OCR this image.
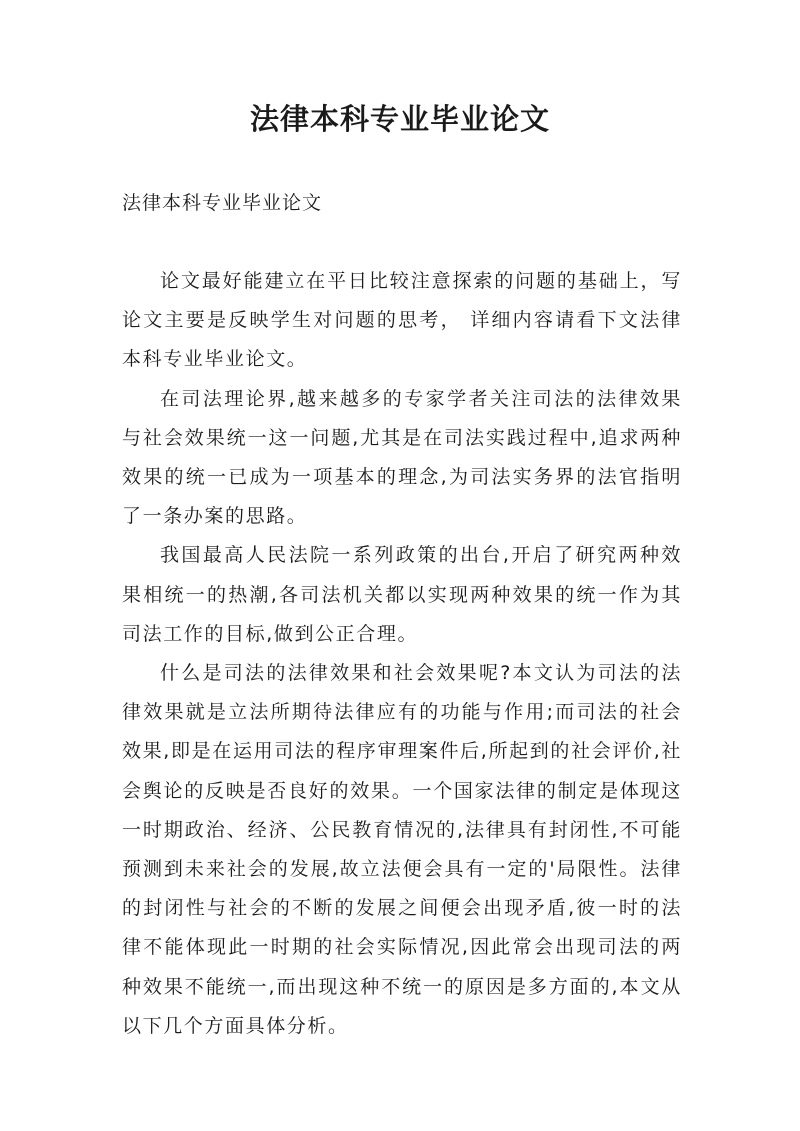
法律本科专业毕业论文

法律本科专业毕业论文

论文最好能建立在平日比较注意探索的问题的基础上，写论文主要是反映学生对问题的思考， 详细内容请看下文法律本科专业毕业论文。

在司法理论界,越来越多的专家学者关注司法的法律效果与社会效果统一这一问题,尤其是在司法实践过程中,追求两种效果的统一已成为一项基本的理念,为司法实务界的法官指明了一条办案的思路。

我国最高人民法院一系列政策的出台,开启了研究两种效果相统一的热潮,各司法机关都以实现两种效果的统一作为其司法工作的目标,做到公正合理。

什么是司法的法律效果和社会效果呢?本文认为司法的法律效果就是立法所期待法律应有的功能与作用;而司法的社会效果,即是在运用司法的程序审理案件后,所起到的社会评价,社会舆论的反映是否良好的效果。一个国家法律的制定是体现这一时期政治、经济、公民教育情况的,法律具有封闭性,不可能预测到未来社会的发展,故立法便会具有一定的'局限性。法律的封闭性与社会的不断的发展之间便会出现矛盾,彼一时的法律不能体现此一时期的社会实际情况,因此常会出现司法的两种效果不能统一,而出现这种不统一的原因是多方面的,本文从以下几个方面具体分析。
